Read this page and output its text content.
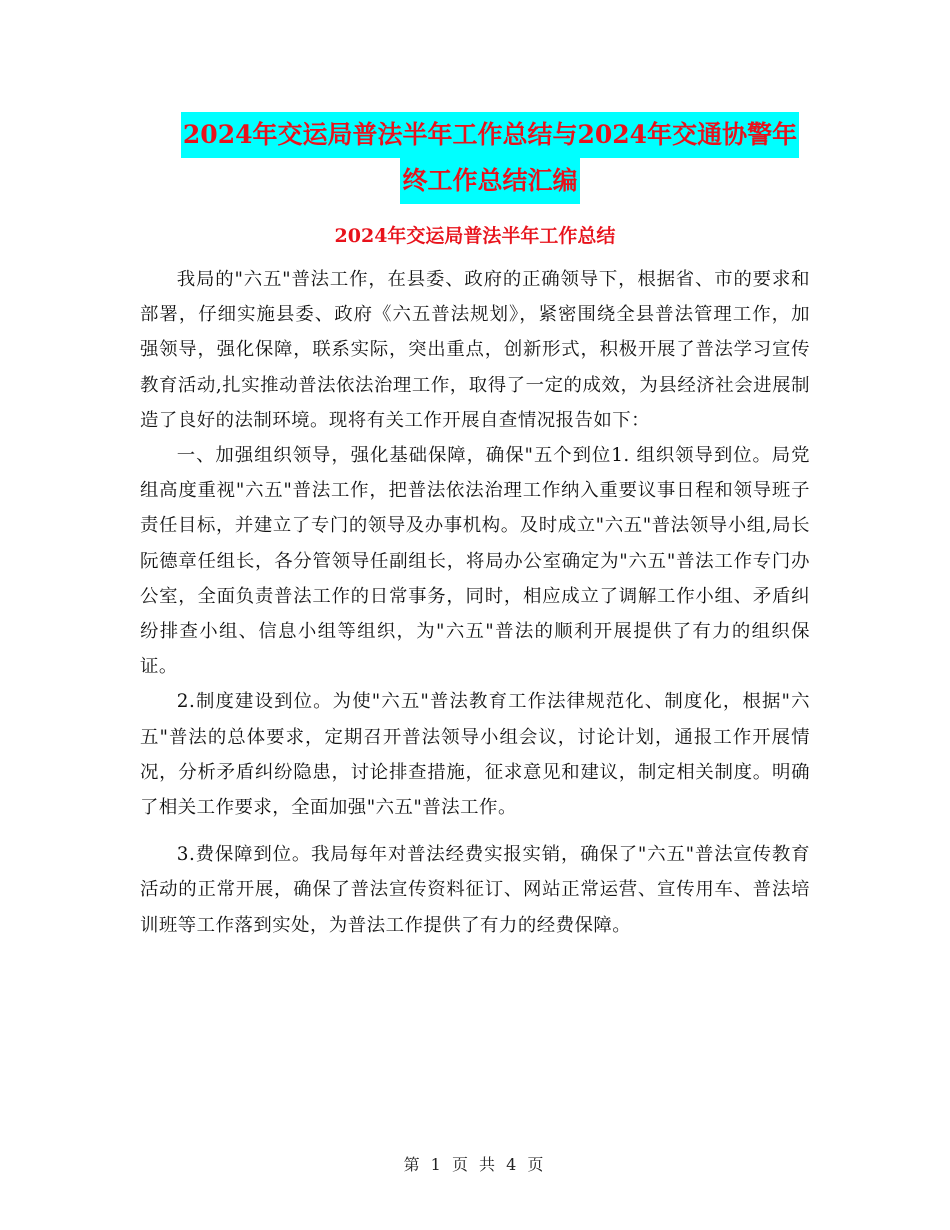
2024年交运局普法半年工作总结与2024年交通协警年
终工作总结汇编
2024年交运局普法半年工作总结

我局的"六五"普法工作，在县委、政府的正确领导下，根据省、市的要求和部署，仔细实施县委、政府《六五普法规划》，紧密围绕全县普法管理工作，加强领导，强化保障，联系实际，突出重点，创新形式，积极开展了普法学习宣传教育活动,扎实推动普法依法治理工作，取得了一定的成效，为县经济社会进展制造了良好的法制环境。现将有关工作开展自查情况报告如下：

一、加强组织领导，强化基础保障，确保"五个到位1. 组织领导到位。局党组高度重视"六五"普法工作，把普法依法治理工作纳入重要议事日程和领导班子责任目标，并建立了专门的领导及办事机构。及时成立"六五"普法领导小组,局长阮德章任组长，各分管领导任副组长，将局办公室确定为"六五"普法工作专门办公室，全面负责普法工作的日常事务，同时，相应成立了调解工作小组、矛盾纠纷排查小组、信息小组等组织，为"六五"普法的顺利开展提供了有力的组织保证。

2.制度建设到位。为使"六五"普法教育工作法律规范化、制度化，根据"六五"普法的总体要求，定期召开普法领导小组会议，讨论计划，通报工作开展情况，分析矛盾纠纷隐患，讨论排查措施，征求意见和建议，制定相关制度。明确了相关工作要求，全面加强"六五"普法工作。

3.费保障到位。我局每年对普法经费实报实销，确保了"六五"普法宣传教育活动的正常开展，确保了普法宣传资料征订、网站正常运营、宣传用车、普法培训班等工作落到实处，为普法工作提供了有力的经费保障。

第 1 页 共 4 页
